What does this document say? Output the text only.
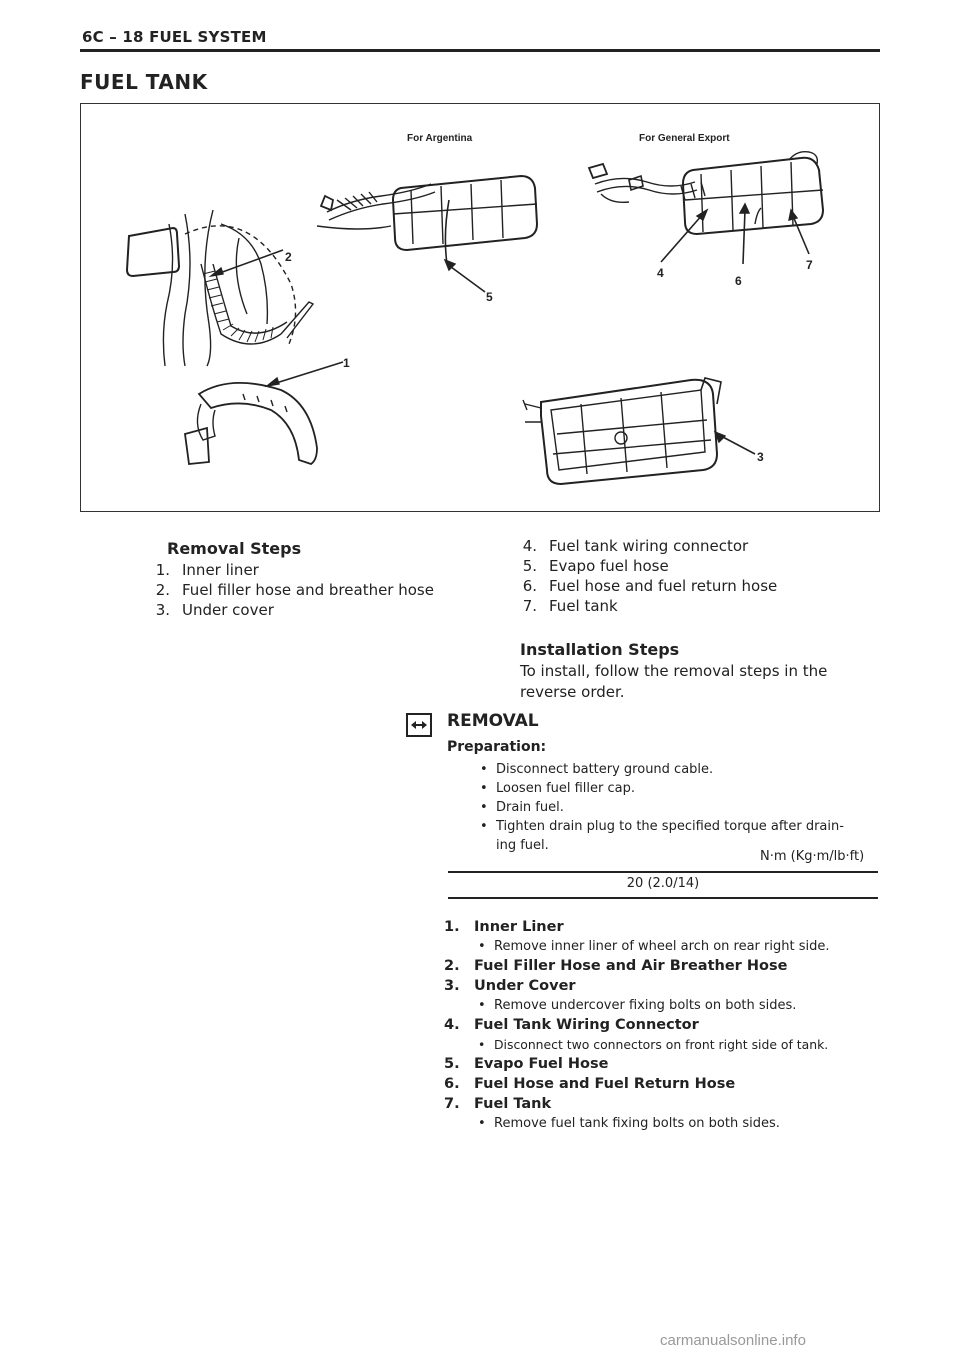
6C – 18 FUEL SYSTEM
FUEL TANK
For Argentina	For General Export
1
2
3
4
5
6
7
Removal Steps
1. Inner liner
2. Fuel filler hose and breather hose
3. Under cover
4. Fuel tank wiring connector
5. Evapo fuel hose
6. Fuel hose and fuel return hose
7. Fuel tank
Installation Steps
To install, follow the removal steps in the
reverse order.
REMOVAL
Preparation:
• Disconnect battery ground cable.
• Loosen fuel filler cap.
• Drain fuel.
• Tighten drain plug to the specified torque after drain-
ing fuel.
N·m (Kg·m/lb·ft)
20 (2.0/14)
1. Inner Liner
• Remove inner liner of wheel arch on rear right side.
2. Fuel Filler Hose and Air Breather Hose
3. Under Cover
• Remove undercover fixing bolts on both sides.
4. Fuel Tank Wiring Connector
• Disconnect two connectors on front right side of tank.
5. Evapo Fuel Hose
6. Fuel Hose and Fuel Return Hose
7. Fuel Tank
• Remove fuel tank fixing bolts on both sides.
carmanualsonline.info
